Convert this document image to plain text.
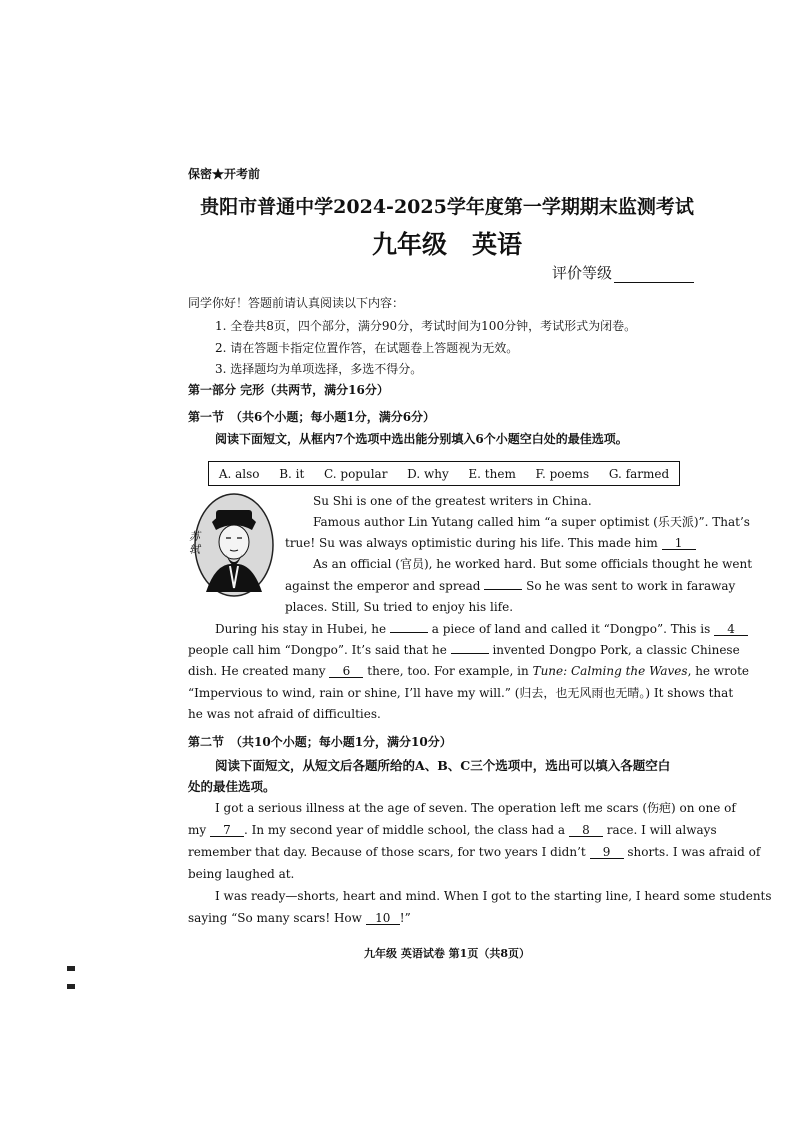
保密★开考前
贵阳市普通中学2024-2025学年度第一学期期末监测考试
九年级　英语
评价等级
同学你好！答题前请认真阅读以下内容：
1. 全卷共8页，四个部分，满分90分，考试时间为100分钟，考试形式为闭卷。
2. 请在答题卡指定位置作答，在试题卷上答题视为无效。
3. 选择题均为单项选择，多选不得分。
第一部分 完形（共两节，满分16分）
第一节　（共6个小题；每小题1分，满分6分）
阅读下面短文，从框内7个选项中选出能分别填入6个小题空白处的最佳选项。
A. also B. it C. popular D. why E. them F. poems G. farmed
苏轼
Su Shi is one of the greatest writers in China.
Famous author Lin Yutang called him “a super optimist (乐天派)”. That’s
true! Su was always optimistic during his life. This made him 1
As an official (官员), he worked hard. But some officials thought he went
against the emperor and spread	So he was sent to work in faraway
places. Still, Su tried to enjoy his life.
During his stay in Hubei, he	a piece of land and called it “Dongpo”. This is 4
people call him “Dongpo”. It’s said that he	invented Dongpo Pork, a classic Chinese
dish. He created many 6 there, too. For example, in Tune: Calming the Waves, he wrote
“Impervious to wind, rain or shine, I’ll have my will.” (归去，也无风雨也无晴。) It shows that
he was not afraid of difficulties.
第二节　（共10个小题；每小题1分，满分10分）
阅读下面短文，从短文后各题所给的A、B、C三个选项中，选出可以填入各题空白
处的最佳选项。
I got a serious illness at the age of seven. The operation left me scars (伤疤) on one of
my 7 . In my second year of middle school, the class had a 8 race. I will always
remember that day. Because of those scars, for two years I didn’t 9 shorts. I was afraid of
being laughed at.
I was ready—shorts, heart and mind. When I got to the starting line, I heard some students
saying “So many scars! How 10 !”
九年级 英语试卷 第1页（共8页）
